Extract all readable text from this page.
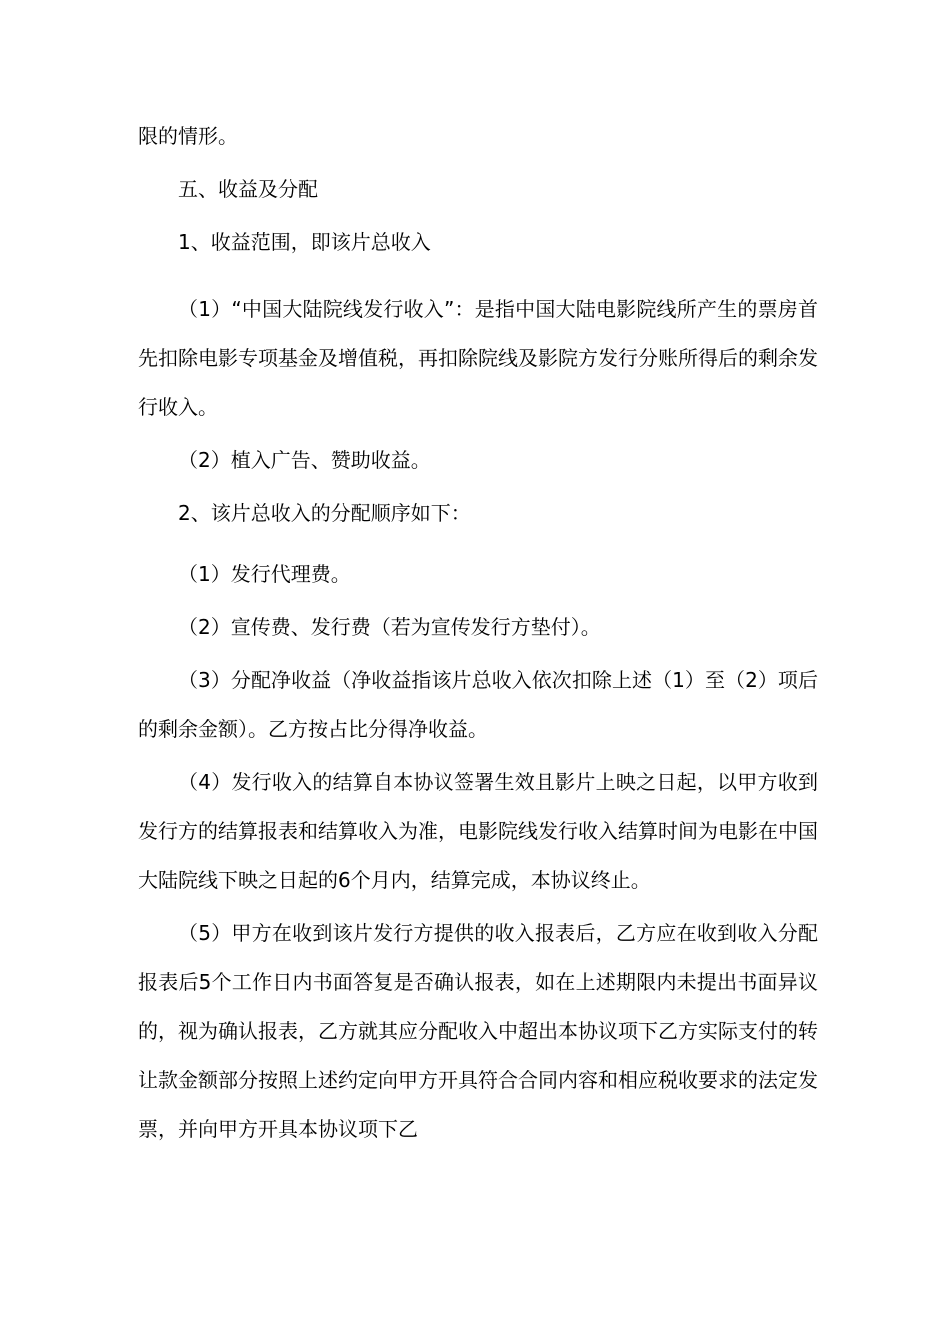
限的情形。

五、收益及分配

1、收益范围，即该片总收入

（1）“中国大陆院线发行收入”：是指中国大陆电影院线所产生的票房首先扣除电影专项基金及增值税，再扣除院线及影院方发行分账所得后的剩余发行收入。

（2）植入广告、赞助收益。

2、该片总收入的分配顺序如下：

（1）发行代理费。

（2）宣传费、发行费（若为宣传发行方垫付）。

（3）分配净收益（净收益指该片总收入依次扣除上述（1）至（2）项后的剩余金额）。乙方按占比分得净收益。

（4）发行收入的结算自本协议签署生效且影片上映之日起，以甲方收到发行方的结算报表和结算收入为准，电影院线发行收入结算时间为电影在中国大陆院线下映之日起的6个月内，结算完成，本协议终止。

（5）甲方在收到该片发行方提供的收入报表后，乙方应在收到收入分配报表后5个工作日内书面答复是否确认报表，如在上述期限内未提出书面异议的，视为确认报表，乙方就其应分配收入中超出本协议项下乙方实际支付的转让款金额部分按照上述约定向甲方开具符合合同内容和相应税收要求的法定发票，并向甲方开具本协议项下乙
